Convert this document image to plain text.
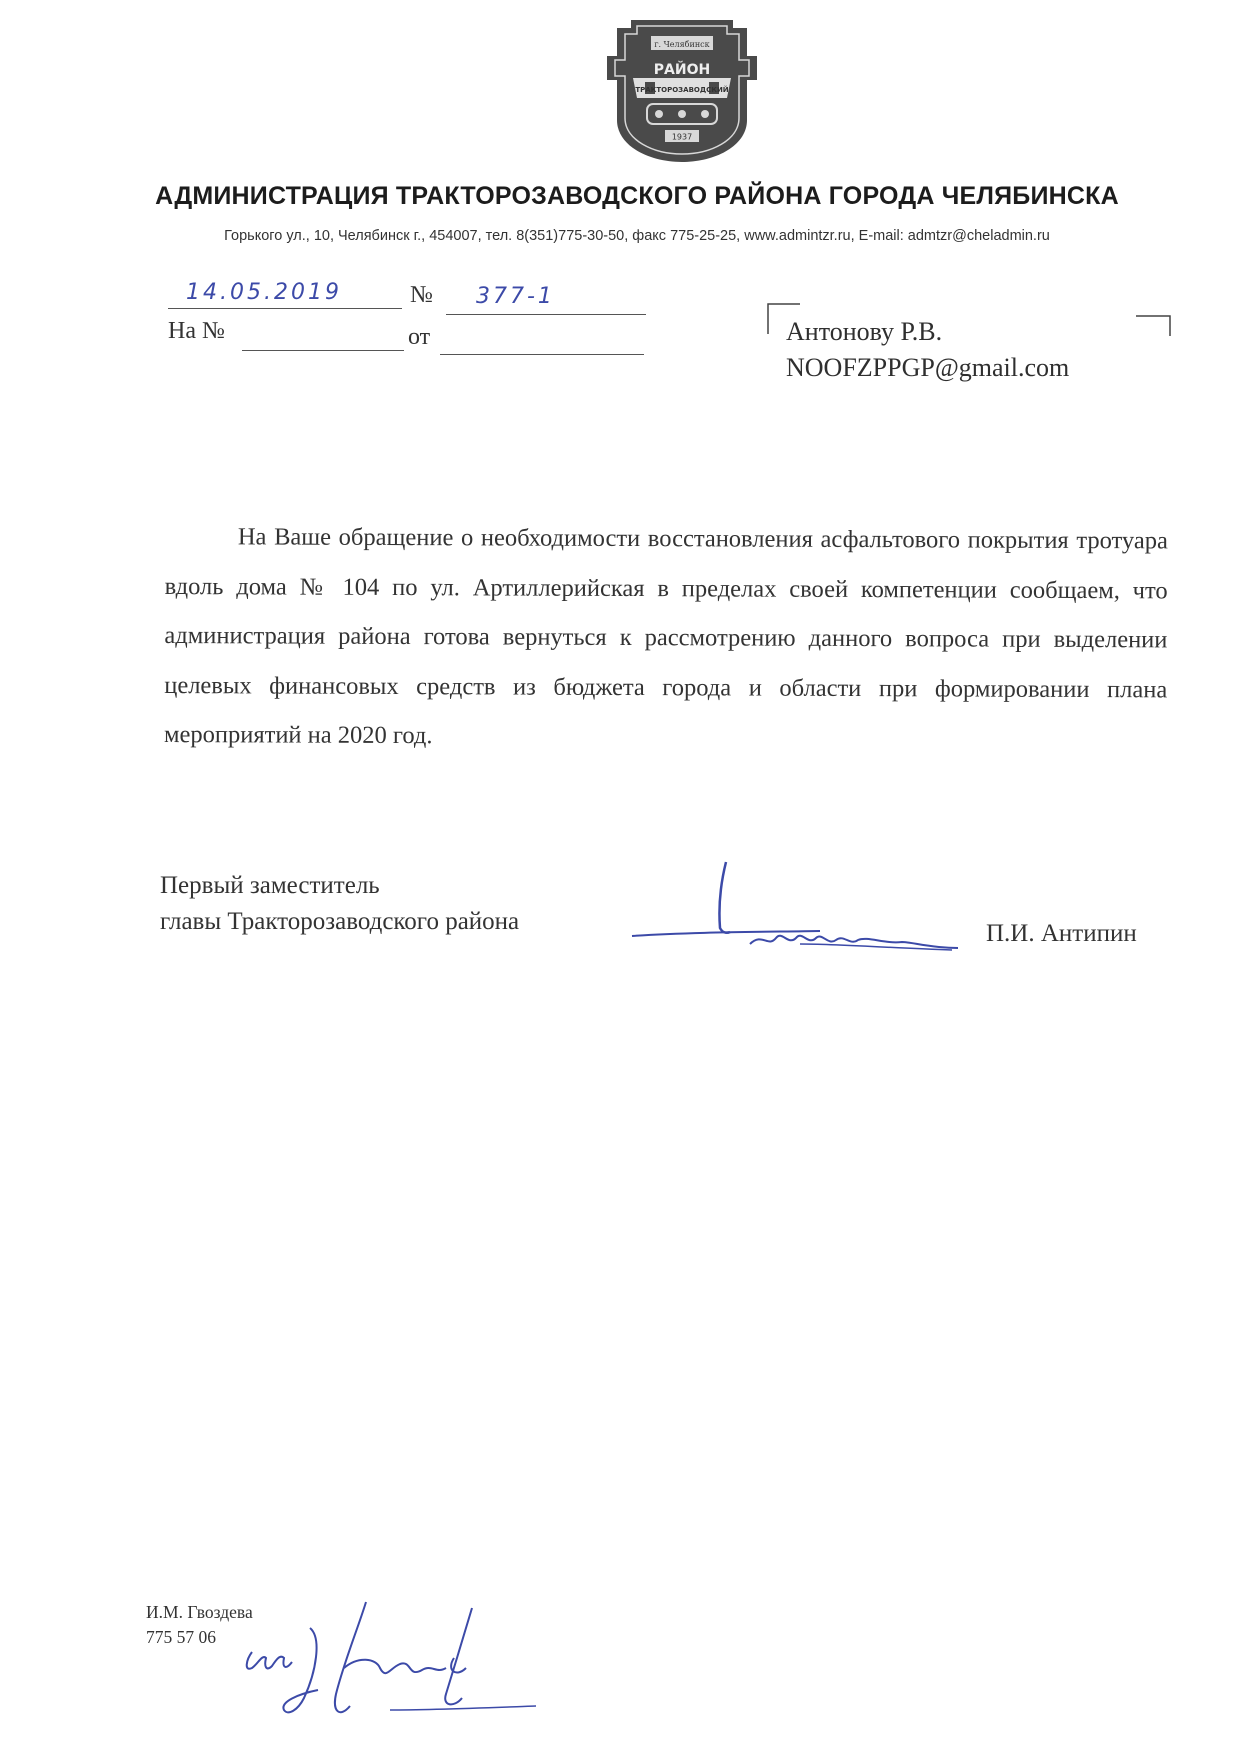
г. Челябинск
РАЙОН
ТРАКТОРОЗАВОДСКИЙ
1937
АДМИНИСТРАЦИЯ ТРАКТОРОЗАВОДСКОГО РАЙОНА ГОРОДА ЧЕЛЯБИНСКА
Горького ул., 10, Челябинск г., 454007, тел. 8(351)775-30-50, факс 775-25-25, www.admintzr.ru, E-mail: admtzr@cheladmin.ru
14.05.2019	№ 377-1
На №	от	Антонову Р.В.
NOOFZPPGP@gmail.com
На Ваше обращение о необходимости восстановления асфальтового покрытия тротуара вдоль дома № 104 по ул. Артиллерийская в пределах своей компетенции сообщаем, что администрация района готова вернуться к рассмотрению данного вопроса при выделении целевых финансовых средств из бюджета города и области при формировании плана мероприятий на 2020 год.
Первый заместитель
главы Тракторозаводского района	П.И. Антипин
И.М. Гвоздева
775 57 06
